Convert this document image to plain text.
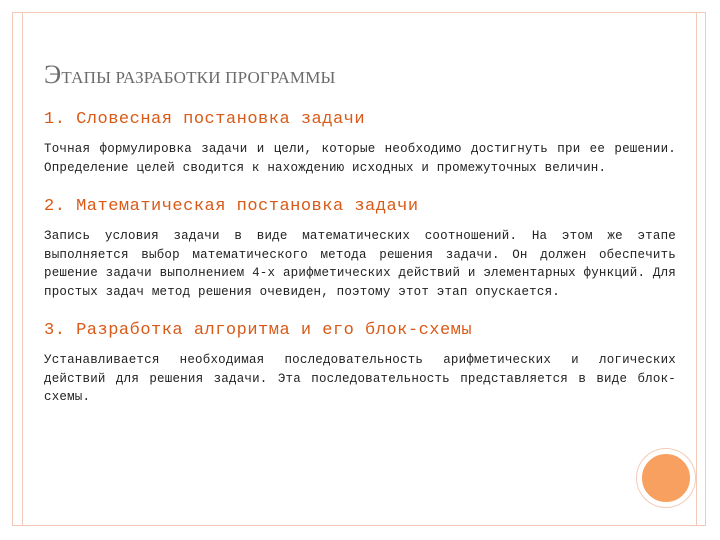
ЭТАПЫ РАЗРАБОТКИ ПРОГРАММЫ
1. Словесная постановка задачи

Точная формулировка задачи и цели, которые необходимо достигнуть при ее решении. Определение целей сводится к нахождению исходных и промежуточных величин.

2. Математическая постановка задачи

Запись условия задачи в виде математических соотношений. На этом же этапе выполняется выбор математического метода решения задачи. Он должен обеспечить решение задачи выполнением 4-х арифметических действий и элементарных функций. Для простых задач метод решения очевиден, поэтому этот этап опускается.

3. Разработка алгоритма и его блок-схемы

Устанавливается необходимая последовательность арифметических и логических действий для решения задачи. Эта последовательность представляется в виде блок-схемы.
